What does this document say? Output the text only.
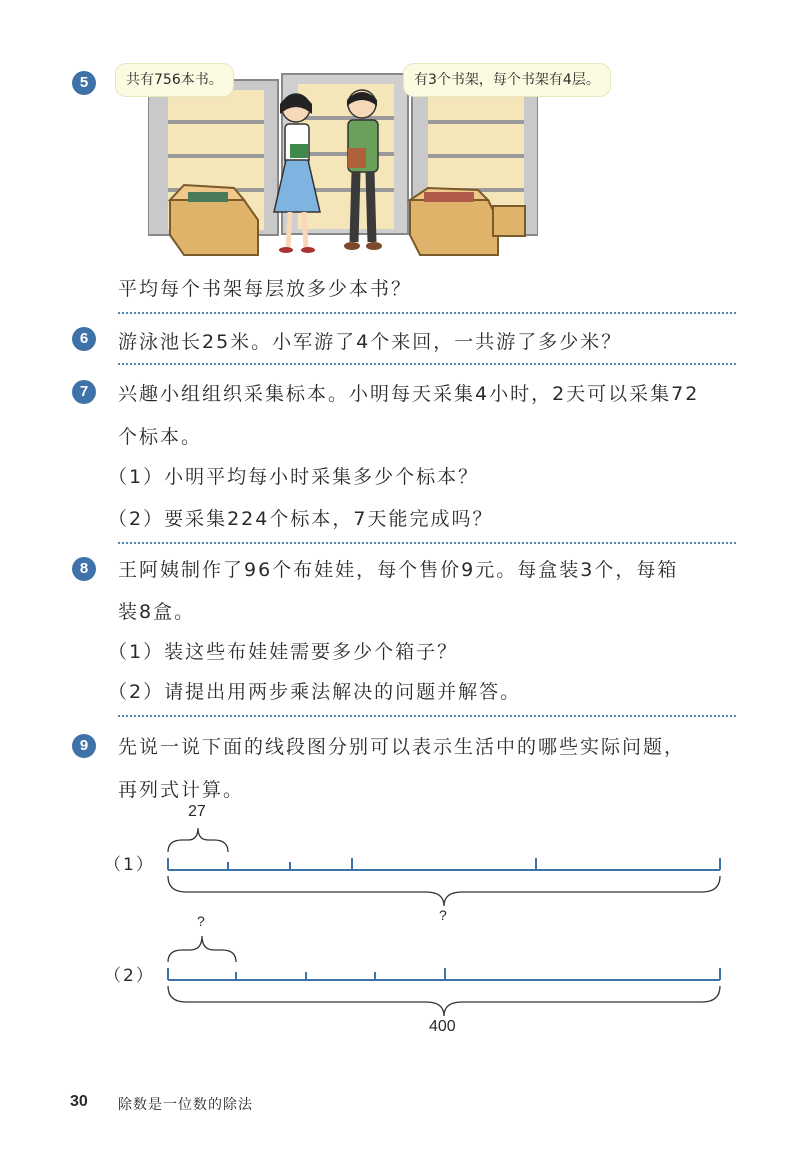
5	共有756本书。	有3个书架，每个书架有4层。
平均每个书架每层放多少本书？
6	游泳池长25米。小军游了4个来回，一共游了多少米？
7	兴趣小组组织采集标本。小明每天采集4小时，2天可以采集72
个标本。
（1）小明平均每小时采集多少个标本？
（2）要采集224个标本，7天能完成吗？
8	王阿姨制作了96个布娃娃，每个售价9元。每盒装3个，每箱
装8盒。
（1）装这些布娃娃需要多少个箱子？
（2）请提出用两步乘法解决的问题并解答。
9	先说一说下面的线段图分别可以表示生活中的哪些实际问题，
再列式计算。
（1）
27
?
（2）
?
400
30 除数是一位数的除法
